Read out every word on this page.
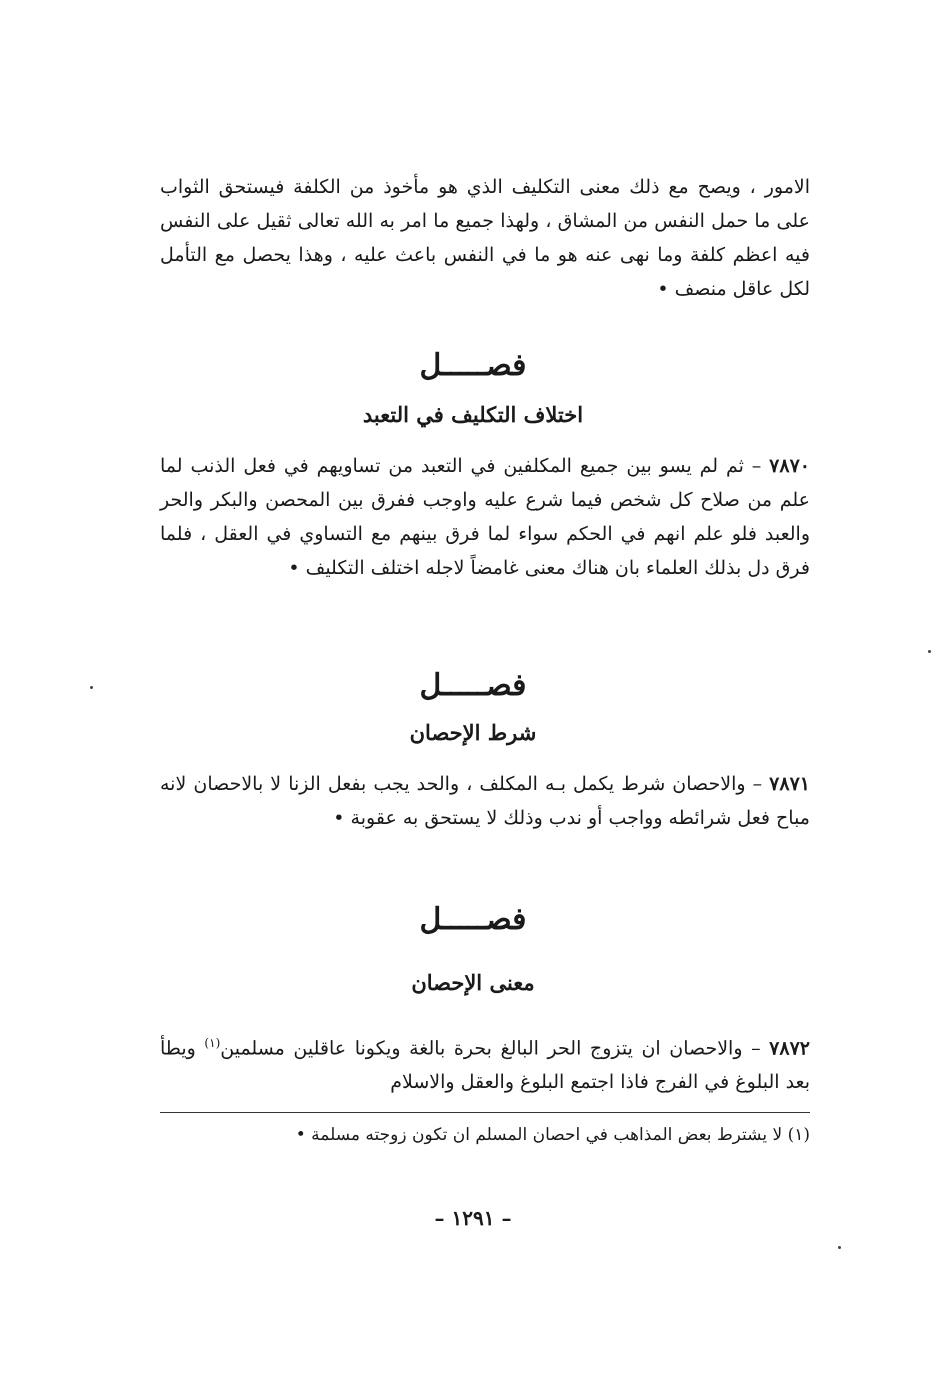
الامور ، ويصح مع ذلك معنى التكليف الذي هو مأخوذ من الكلفة فيستحق الثواب على ما حمل النفس من المشاق ، ولهذا جميع ما امر به الله تعالى ثقيل على النفس فيه اعظم كلفة وما نهى عنه هو ما في النفس باعث عليه ، وهذا يحصل مع التأمل لكل عاقل منصف •

فصـــــل
اختلاف التكليف في التعبد

٧٨٧٠ – ثم لم يسو بين جميع المكلفين في التعبد من تساويهم في فعل الذنب لما علم من صلاح كل شخص فيما شرع عليه واوجب ففرق بين المحصن والبكر والحر والعبد فلو علم انهم في الحكم سواء لما فرق بينهم مع التساوي في العقل ، فلما فرق دل بذلك العلماء بان هناك معنى غامضاً لاجله اختلف التكليف •

فصـــــل
شرط الإحصان

٧٨٧١ – والاحصان شرط يكمل بـه المكلف ، والحد يجب بفعل الزنا لا بالاحصان لانه مباح فعل شرائطه وواجب أو ندب وذلك لا يستحق به عقوبة •

فصـــــل
معنى الإحصان

٧٨٧٢ – والاحصان ان يتزوج الحر البالغ بحرة بالغة ويكونا عاقلين مسلمين$^{(١)}$ ويطأ بعد البلوغ في الفرج فاذا اجتمع البلوغ والعقل والاسلام

(١) لا يشترط بعض المذاهب في احصان المسلم ان تكون زوجته مسلمة •
– ١٢٩١ –
